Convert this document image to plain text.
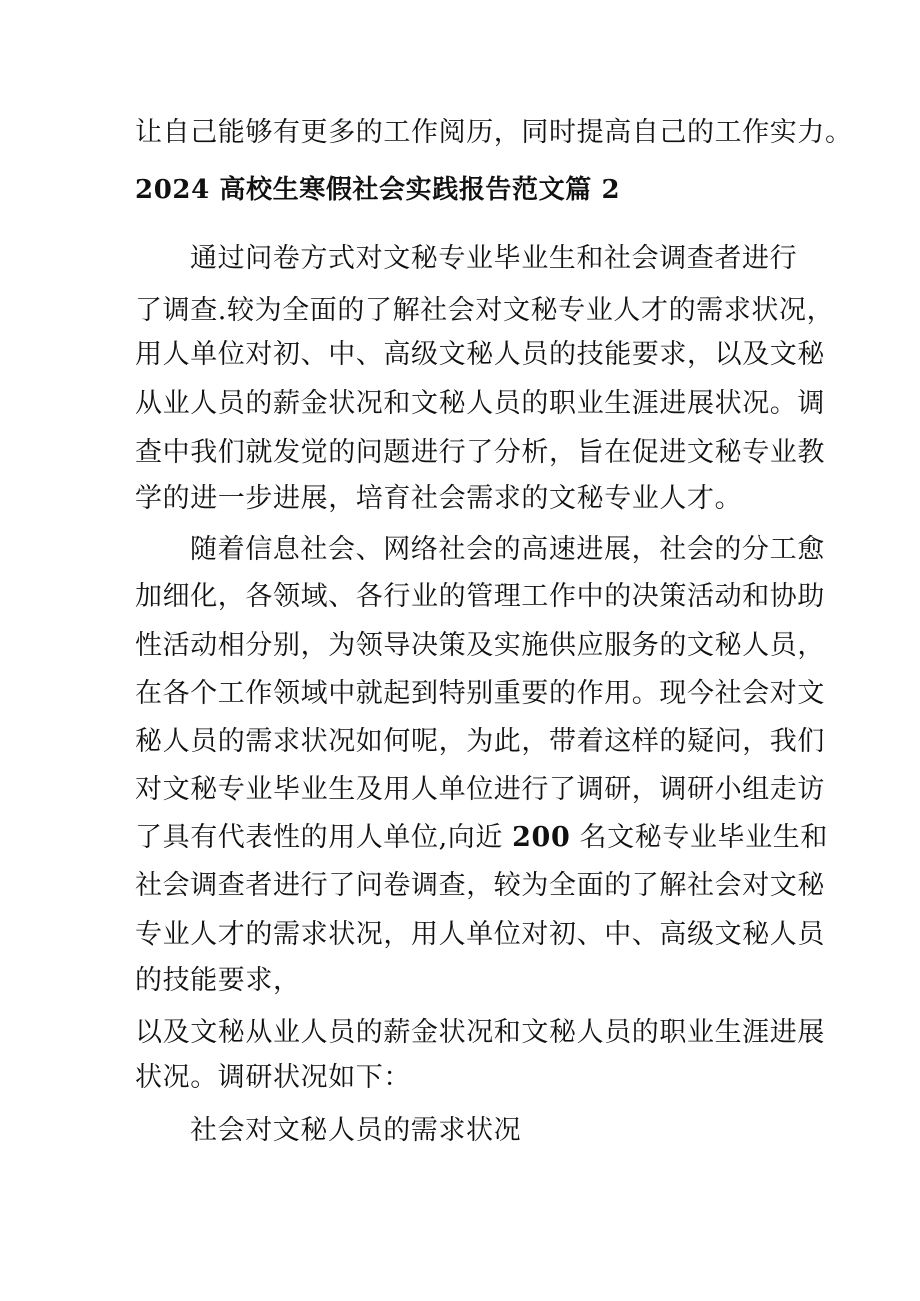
让自己能够有更多的工作阅历，同时提高自己的工作实力。
2024 高校生寒假社会实践报告范文篇 2
通过问卷方式对文秘专业毕业生和社会调查者进行
了调查.较为全面的了解社会对文秘专业人才的需求状况，
用人单位对初、中、高级文秘人员的技能要求，以及文秘
从业人员的薪金状况和文秘人员的职业生涯进展状况。调
查中我们就发觉的问题进行了分析，旨在促进文秘专业教
学的进一步进展，培育社会需求的文秘专业人才。
随着信息社会、网络社会的高速进展，社会的分工愈
加细化，各领域、各行业的管理工作中的决策活动和协助
性活动相分别，为领导决策及实施供应服务的文秘人员，
在各个工作领域中就起到特别重要的作用。现今社会对文
秘人员的需求状况如何呢，为此，带着这样的疑问，我们
对文秘专业毕业生及用人单位进行了调研，调研小组走访
了具有代表性的用人单位,向近 200 名文秘专业毕业生和
社会调查者进行了问卷调查，较为全面的了解社会对文秘
专业人才的需求状况，用人单位对初、中、高级文秘人员
的技能要求，
以及文秘从业人员的薪金状况和文秘人员的职业生涯进展
状况。调研状况如下：
社会对文秘人员的需求状况
